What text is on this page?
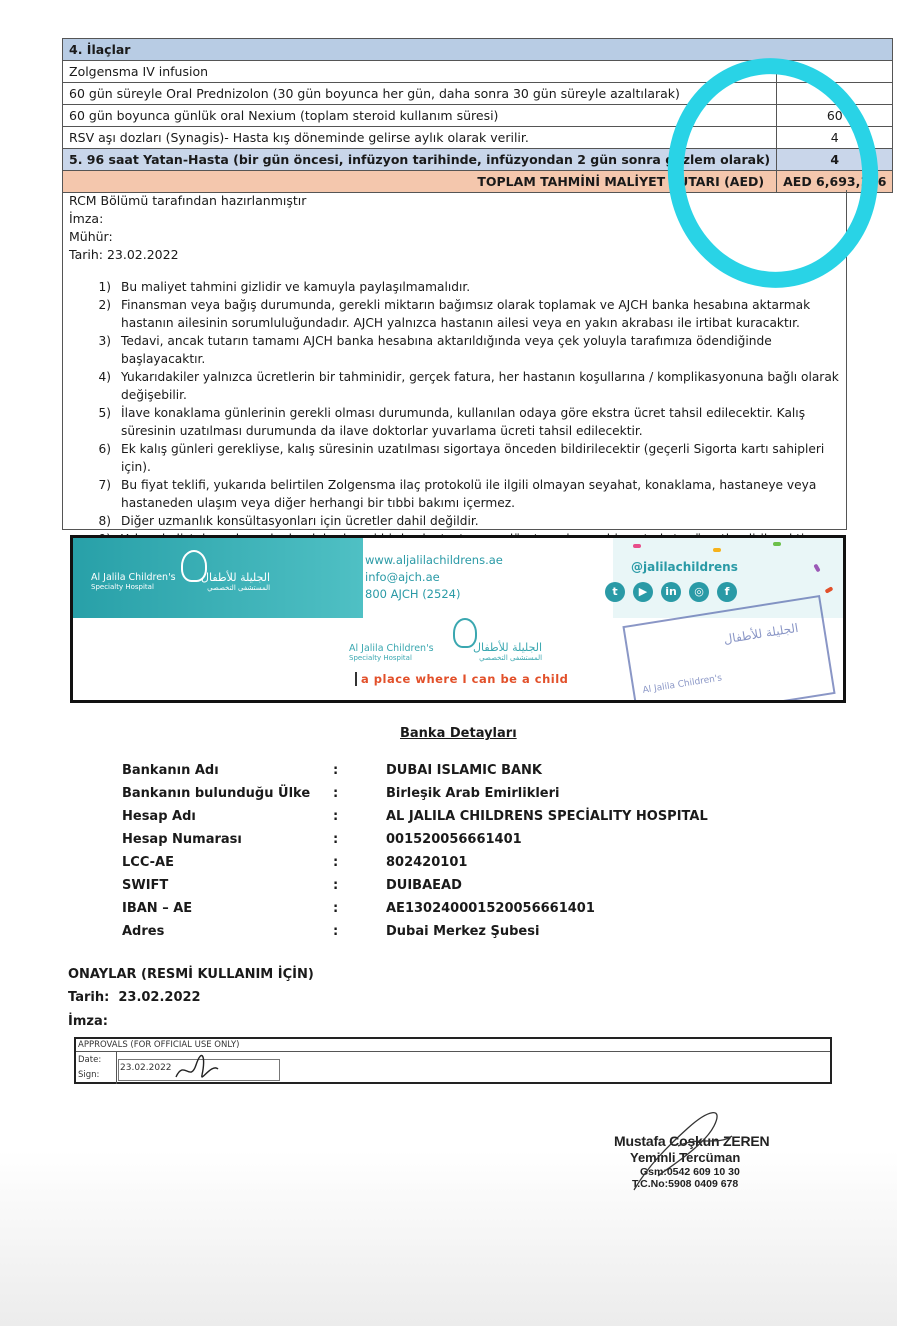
4. İlaçlar	
Zolgensma IV infusion	
60 gün süreyle Oral Prednizolon (30 gün boyunca her gün, daha sonra 30 gün süreyle azaltılarak)	
60 gün boyunca günlük oral Nexium (toplam steroid kullanım süresi)	60
RSV aşı dozları (Synagis)- Hasta kış döneminde gelirse aylık olarak verilir.	4
5. 96 saat Yatan-Hasta (bir gün öncesi, infüzyon tarihinde, infüzyondan 2 gün sonra gözlem olarak)	4
TOPLAM TAHMİNİ MALİYET TUTARI (AED)	AED 6,693,196
RCM Bölümü tarafından hazırlanmıştır
İmza:
Mühür:
Tarih: 23.02.2022
1) Bu maliyet tahmini gizlidir ve kamuyla paylaşılmamalıdır.
2) Finansman veya bağış durumunda, gerekli miktarın bağımsız olarak toplamak ve AJCH banka hesabına aktarmak
hastanın ailesinin sorumluluğundadır. AJCH yalnızca hastanın ailesi veya en yakın akrabası ile irtibat kuracaktır.
3) Tedavi, ancak tutarın tamamı AJCH banka hesabına aktarıldığında veya çek yoluyla tarafımıza ödendiğinde başlayacaktır.
4) Yukarıdakiler yalnızca ücretlerin bir tahminidir, gerçek fatura, her hastanın koşullarına / komplikasyonuna bağlı olarak
değişebilir.
5) İlave konaklama günlerinin gerekli olması durumunda, kullanılan odaya göre ekstra ücret tahsil edilecektir. Kalış
süresinin uzatılması durumunda da ilave doktorlar yuvarlama ücreti tahsil edilecektir.
6) Ek kalış günleri gerekliyse, kalış süresinin uzatılması sigortaya önceden bildirilecektir (geçerli Sigorta kartı sahipleri için).
7) Bu fiyat teklifi, yukarıda belirtilen Zolgensma ilaç protokolü ile ilgili olmayan seyahat, konaklama, hastaneye veya
hastaneden ulaşım veya diğer herhangi bir tıbbi bakımı içermez.
8) Diğer uzmanlık konsültasyonları için ücretler dahil değildir.
Al Jalila Children's
Specialty Hospital
الجليلة للأطفال
المستشفى التخصصي
www.aljalilachildrens.ae
info@ajch.ae
800 AJCH (2524)
@jalilachildrens
t	▶	in	◎	f
Al Jalila Children's
Specialty Hospital
الجليلة للأطفال
المستشفى التخصصي
a place where I can be a child
الجليلة للأطفال
Al Jalila Children's
Banka Detayları
Bankanın Adı	:	DUBAI ISLAMIC BANK
Bankanın bulunduğu Ülke	:	Birleşik Arab Emirlikleri
Hesap Adı	:	AL JALILA CHILDRENS SPECİALITY HOSPITAL
Hesap Numarası	:	001520056661401
LCC-AE	:	802420101
SWIFT	:	DUIBAEAD
IBAN – AE	:	AE130240001520056661401
Adres	:	Dubai Merkez Şubesi
ONAYLAR (RESMİ KULLANIM İÇİN)
Tarih: 23.02.2022
İmza:
APPROVALS (FOR OFFICIAL USE ONLY)
Date:
Sign:
23.02.2022
Mustafa Coşkun ZEREN
Yeminli Tercüman
Gsm:0542 609 10 30
T.C.No:5908 0409 678
